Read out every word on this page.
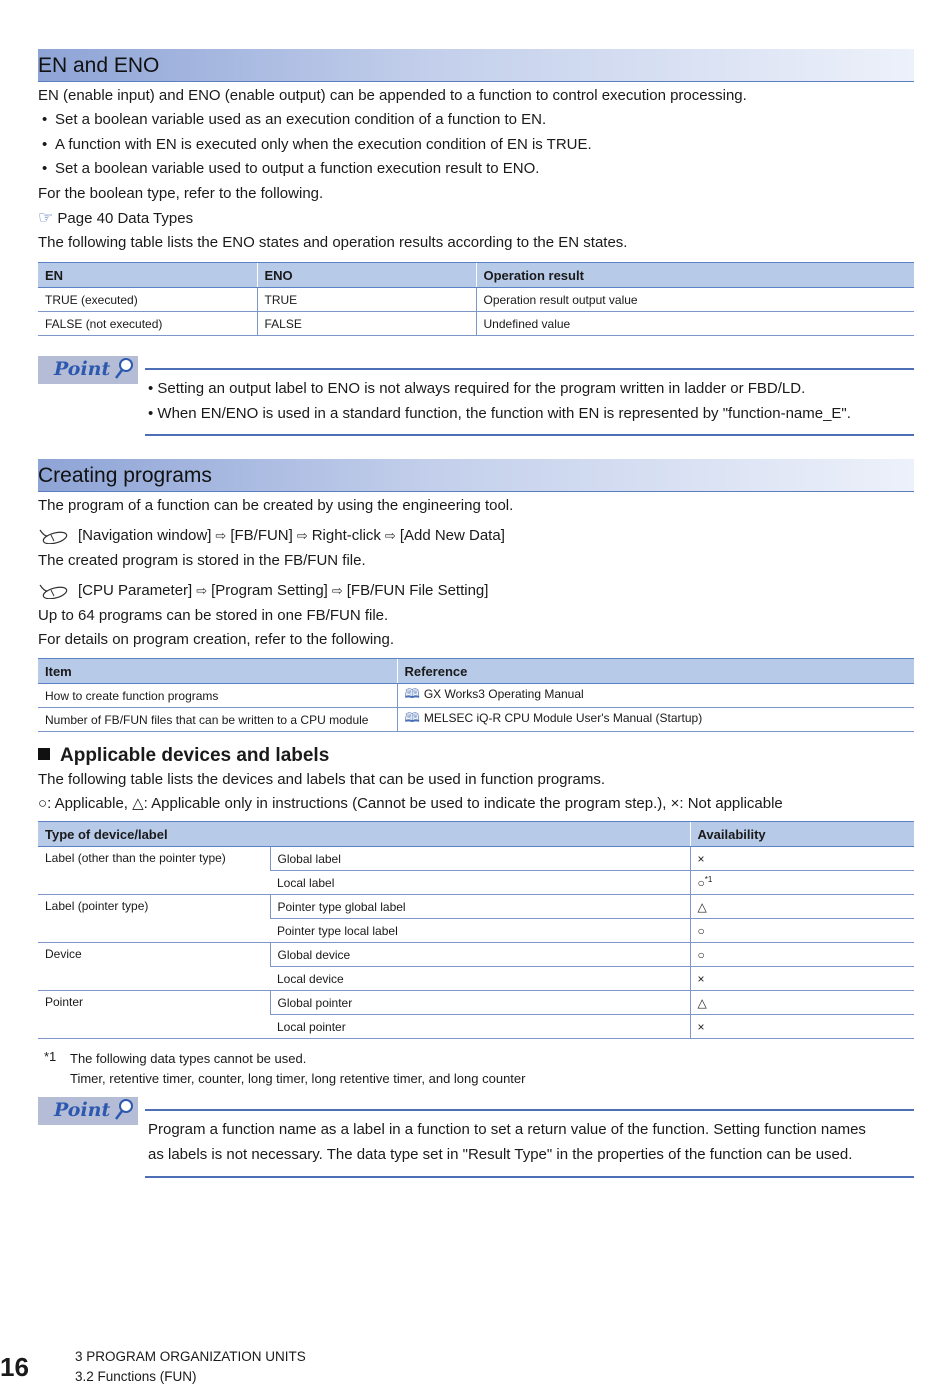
EN and ENO
EN (enable input) and ENO (enable output) can be appended to a function to control execution processing.
• Set a boolean variable used as an execution condition of a function to EN.
• A function with EN is executed only when the execution condition of EN is TRUE.
• Set a boolean variable used to output a function execution result to ENO.
For the boolean type, refer to the following.
☞ Page 40 Data Types
The following table lists the ENO states and operation results according to the EN states.
EN	ENO	Operation result
TRUE (executed)	TRUE	Operation result output value
FALSE (not executed)	FALSE	Undefined value
Point
• Setting an output label to ENO is not always required for the program written in ladder or FBD/LD.
• When EN/ENO is used in a standard function, the function with EN is represented by "function-name_E".
Creating programs
The program of a function can be created by using the engineering tool.
[Navigation window] ⇨ [FB/FUN] ⇨ Right-click ⇨ [Add New Data]
The created program is stored in the FB/FUN file.
[CPU Parameter] ⇨ [Program Setting] ⇨ [FB/FUN File Setting]
Up to 64 programs can be stored in one FB/FUN file.
For details on program creation, refer to the following.
Item	Reference
How to create function programs	🕮 GX Works3 Operating Manual
Number of FB/FUN files that can be written to a CPU module	🕮 MELSEC iQ-R CPU Module User's Manual (Startup)
Applicable devices and labels
The following table lists the devices and labels that can be used in function programs.
○: Applicable, △: Applicable only in instructions (Cannot be used to indicate the program step.), ×: Not applicable
Type of device/label		Availability
Label (other than the pointer type)	Global label	×
	Local label	○$^{*1}$
Label (pointer type)	Pointer type global label	△
	Pointer type local label	○
Device	Global device	○
	Local device	×
Pointer	Global pointer	△
	Local pointer	×
*1 The following data types cannot be used.
Timer, retentive timer, counter, long timer, long retentive timer, and long counter
Point
Program a function name as a label in a function to set a return value of the function. Setting function names
as labels is not necessary. The data type set in "Result Type" in the properties of the function can be used.
16	3 PROGRAM ORGANIZATION UNITS
3.2 Functions (FUN)
